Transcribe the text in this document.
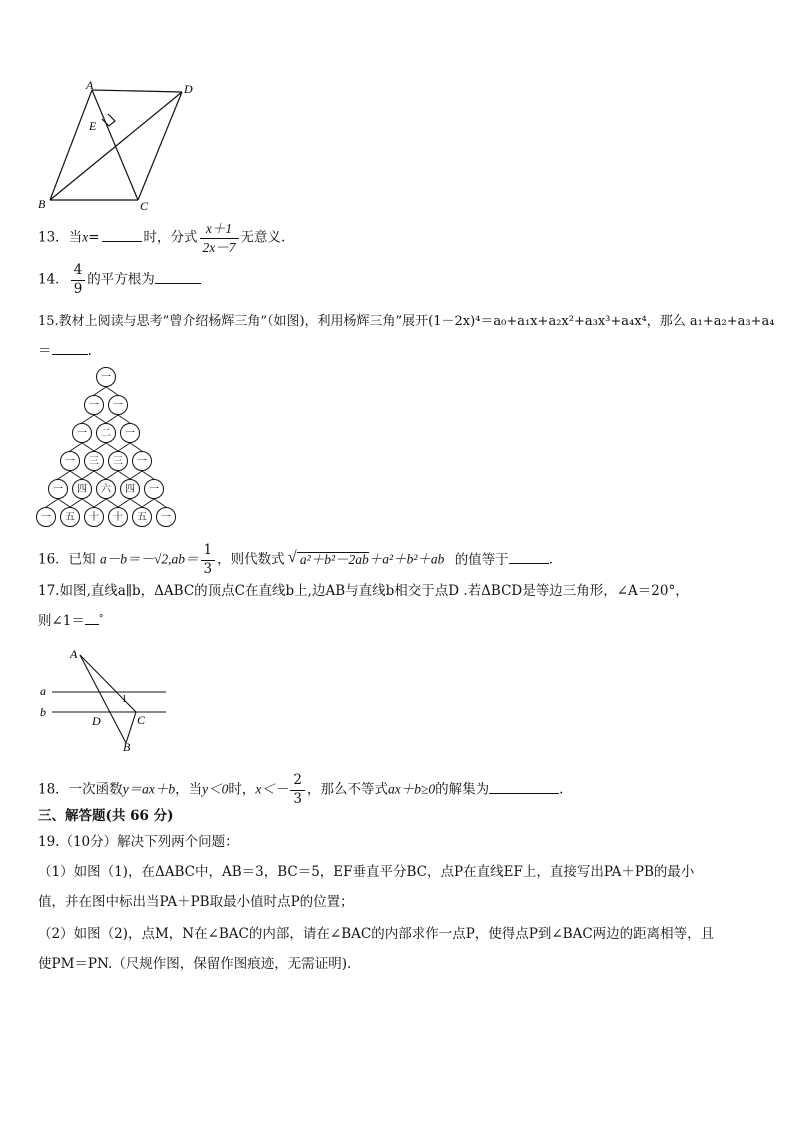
A	D
E
B	C
13．当x=	时，分式 $\frac{x+1}{2x-7}$ 无意义.
14． $\frac{4}{9}$ 的平方根为
15.教材上阅读与思考”曾介绍杨辉三角”（如图)，利用杨辉三角”展开(1－2x)⁴＝a₀+a₁x+a₂x²+a₃x³+a₄x⁴，那么 a₁+a₂+a₃+a₄
＝	.
一
一	一
一	二	一
一	三	三	一
一	四	六	四	一
一	五	十	十	五	一
16．已知 $a-b=-√2,ab= \frac{1}{3}$ ，则代数式 √ a²＋b²－2ab＋a²＋b²＋ab 的值等于	.
17.如图,直线a∥b，ΔABC的顶点C在直线b上,边AB与直线b相交于点D .若ΔBCD是等边三角形，∠A＝20°，
则∠1＝ °
A
a
b
1
D	C
B
18．一次函数y＝ax＋b，当y＜0时，$x<- \frac{2}{3}$ ，那么不等式ax＋b≥0的解集为	.
三、解答题(共 66 分)
19.（10分）解决下列两个问题：
（1）如图（1)，在ΔABC中，AB＝3，BC＝5，EF垂直平分BC，点P在直线EF上，直接写出PA＋PB的最小
值，并在图中标出当PA＋PB取最小值时点P的位置；
（2）如图（2)，点M，N在∠BAC的内部，请在∠BAC的内部求作一点P，使得点P到∠BAC两边的距离相等，且
使PM＝PN.（尺规作图，保留作图痕迹，无需证明).
